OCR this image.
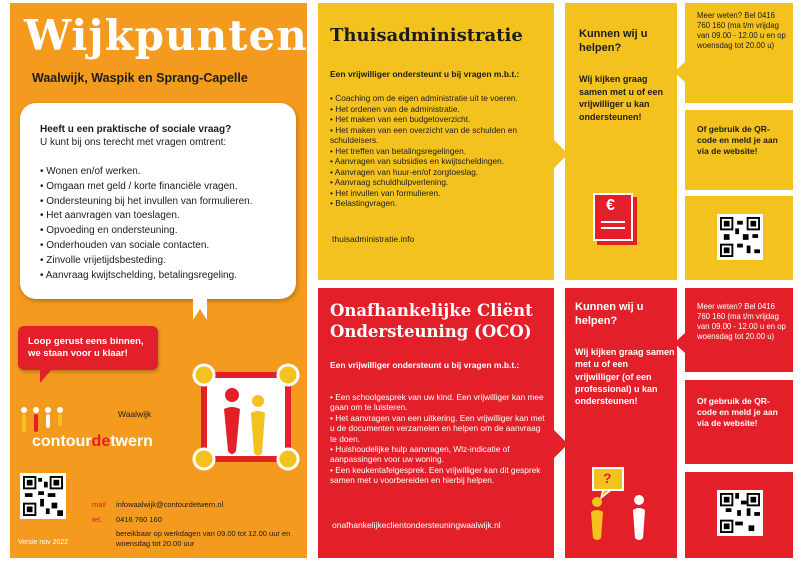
Wijkpunten
Waalwijk, Waspik en Sprang-Capelle
Heeft u een praktische of sociale vraag?
U kunt bij ons terecht met vragen omtrent:
• Wonen en/of werken.
• Omgaan met geld / korte financiële vragen.
• Ondersteuning bij het invullen van formulieren.
• Het aanvragen van toeslagen.
• Opvoeding en ondersteuning.
• Onderhouden van sociale contacten.
• Zinvolle vrijetijdsbesteding.
• Aanvraag kwijtschelding, betalingsregeling.
Loop gerust eens binnen, we staan voor u klaar!
Waalwijk
contourdetwern
Versie nov 2022
mail infowaalwijk@contourdetwern.nl
tel. 0416 760 160
bereikbaar op werkdagen van 09.00 tot 12.00 uur en woensdag tot 20.00 uur
Thuisadministratie
Een vrijwilliger ondersteunt u bij vragen m.b.t.:
• Coaching om de eigen administratie uit te voeren.
• Het ordenen van de administratie.
• Het maken van een budgetoverzicht.
• Het maken van een overzicht van de schulden en schuldeisers.
• Het treffen van betalingsregelingen.
• Aanvragen van subsidies en kwijtscheldingen.
• Aanvragen van huur-en/of zorgtoeslag.
• Aanvraag schuldhulpverlening.
• Het invullen van formulieren.
• Belastingvragen.
thuisadministratie.info
Kunnen wij u helpen?
Wij kijken graag samen met u of een vrijwilliger u kan ondersteunen!
€
Meer weten? Bel 0416 760 160 (ma t/m vrijdag van 09.00 - 12.00 u en op woensdag tot 20.00 u)
Of gebruik de QR-code en meld je aan via de website!
Onafhankelijke Cliënt Ondersteuning (OCO)
Een vrijwilliger ondersteunt u bij vragen m.b.t.:
• Een schoolgesprek van uw kind. Een vrijwilliger kan mee gaan om te luisteren.
• Het aanvragen van een uitkering. Een vrijwilliger kan met u de documenten verzamelen en helpen om de aanvraag te doen.
• Huishoudelijke hulp aanvragen, Wlz-indicatie of aanpassingen voor uw woning.
• Een keukentafelgesprek. Een vrijwilliger kan dit gesprek samen met u voorbereiden en hierbij helpen.
onafhankelijkeclientondersteuningwaalwijk.nl
Kunnen wij u helpen?
Wij kijken graag samen met u of een vrijwilliger (of een professional) u kan ondersteunen!
?
Meer weten? Bel 0416 760 160 (ma t/m vrijdag van 09.00 - 12.00 u en op woensdag tot 20.00 u)
Of gebruik de QR-code en meld je aan via de website!
